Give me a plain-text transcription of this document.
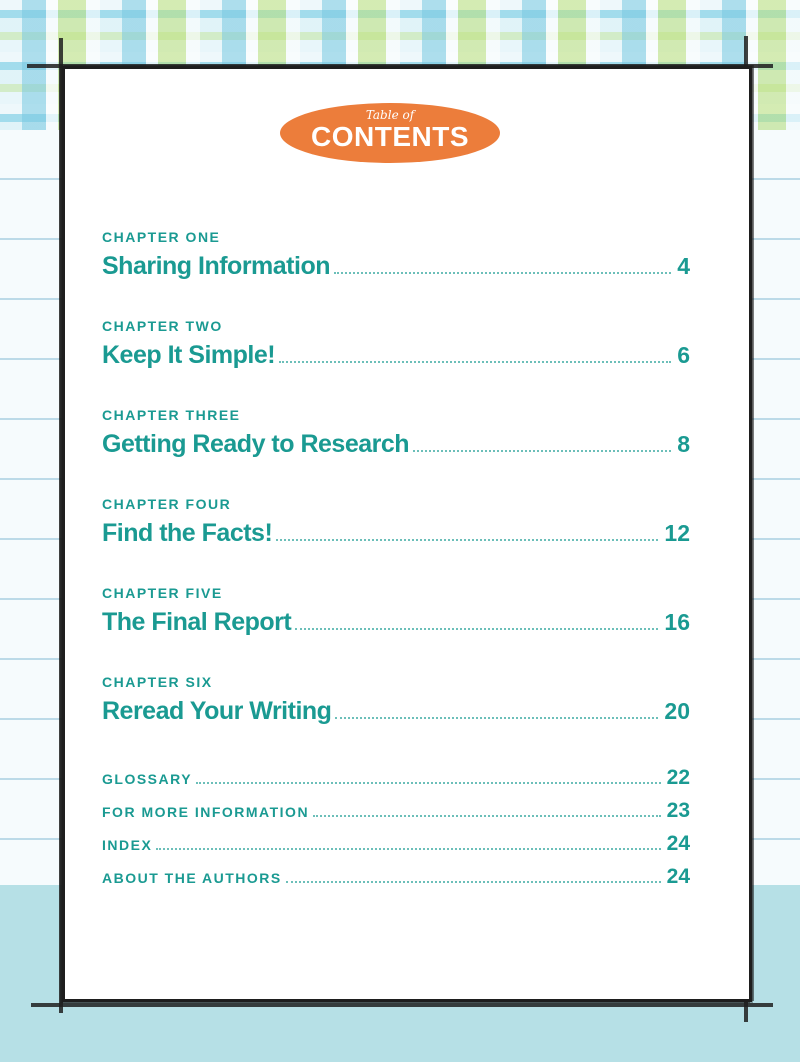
Table of
CONTENTS
CHAPTER ONE
Sharing Information	4
CHAPTER TWO
Keep It Simple!	6
CHAPTER THREE
Getting Ready to Research	8
CHAPTER FOUR
Find the Facts!	12
CHAPTER FIVE
The Final Report	16
CHAPTER SIX
Reread Your Writing	20
GLOSSARY	22
FOR MORE INFORMATION	23
INDEX	24
ABOUT THE AUTHORS	24
